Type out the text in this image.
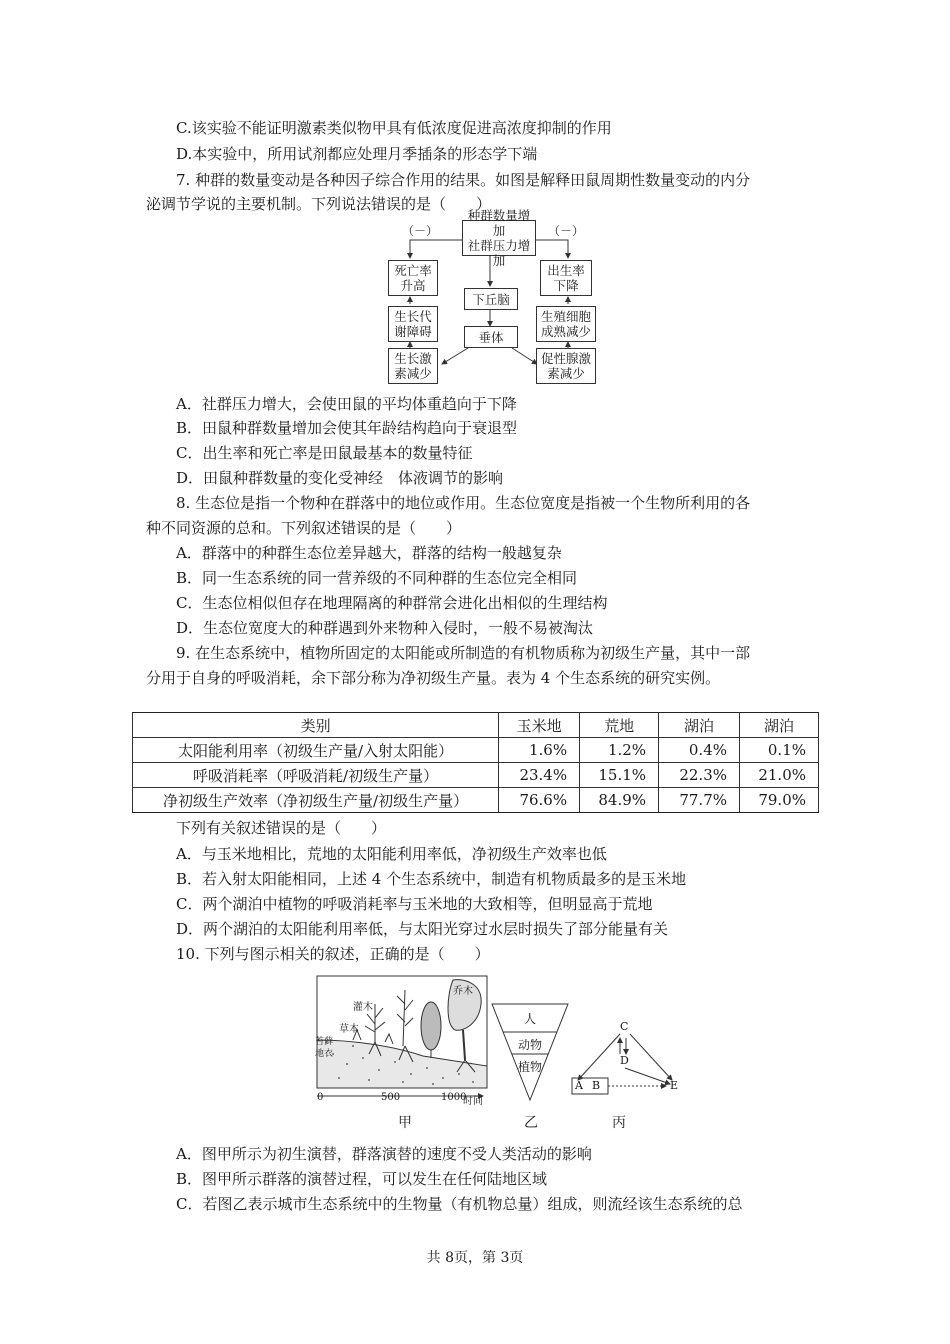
C.该实验不能证明激素类似物甲具有低浓度促进高浓度抑制的作用
D.本实验中，所用试剂都应处理月季插条的形态学下端
7. 种群的数量变动是各种因子综合作用的结果。如图是解释田鼠周期性数量变动的内分
泌调节学说的主要机制。下列说法错误的是（　　）
种群数量增加
社群压力增加
（－）	（－）
死亡率
升高
出生率
下降
下丘脑
生长代
谢障碍
生殖细胞
成熟减少
垂体
生长激
素减少
促性腺激
素减少
A．社群压力增大，会使田鼠的平均体重趋向于下降
B．田鼠种群数量增加会使其年龄结构趋向于衰退型
C．出生率和死亡率是田鼠最基本的数量特征
D．田鼠种群数量的变化受神经　体液调节的影响
8. 生态位是指一个物种在群落中的地位或作用。生态位宽度是指被一个生物所利用的各
种不同资源的总和。下列叙述错误的是（　　）
A．群落中的种群生态位差异越大，群落的结构一般越复杂
B．同一生态系统的同一营养级的不同种群的生态位完全相同
C．生态位相似但存在地理隔离的种群常会进化出相似的生理结构
D．生态位宽度大的种群遇到外来物种入侵时，一般不易被淘汰
9. 在生态系统中，植物所固定的太阳能或所制造的有机物质称为初级生产量，其中一部
分用于自身的呼吸消耗，余下部分称为净初级生产量。表为 4 个生态系统的研究实例。
类别	玉米地	荒地	湖泊	湖泊
太阳能利用率（初级生产量/入射太阳能）	1.6%	1.2%	0.4%	0.1%
呼吸消耗率（呼吸消耗/初级生产量）	23.4%	15.1%	22.3%	21.0%
净初级生产效率（净初级生产量/初级生产量）	76.6%	84.9%	77.7%	79.0%
下列有关叙述错误的是（　　）
A．与玉米地相比，荒地的太阳能利用率低，净初级生产效率也低
B．若入射太阳能相同，上述 4 个生态系统中，制造有机物质最多的是玉米地
C．两个湖泊中植物的呼吸消耗率与玉米地的大致相等，但明显高于荒地
D．两个湖泊的太阳能利用率低，与太阳光穿过水层时损失了部分能量有关
10. 下列与图示相关的叙述，正确的是（　　）
乔木
灌木
草本
苔藓
地衣
0	500	1000
时间
甲
人
动物
植物
乙
C
D
A B	E
丙
A．图甲所示为初生演替，群落演替的速度不受人类活动的影响
B．图甲所示群落的演替过程，可以发生在任何陆地区域
C．若图乙表示城市生态系统中的生物量（有机物总量）组成，则流经该生态系统的总
共 8页，第 3页
